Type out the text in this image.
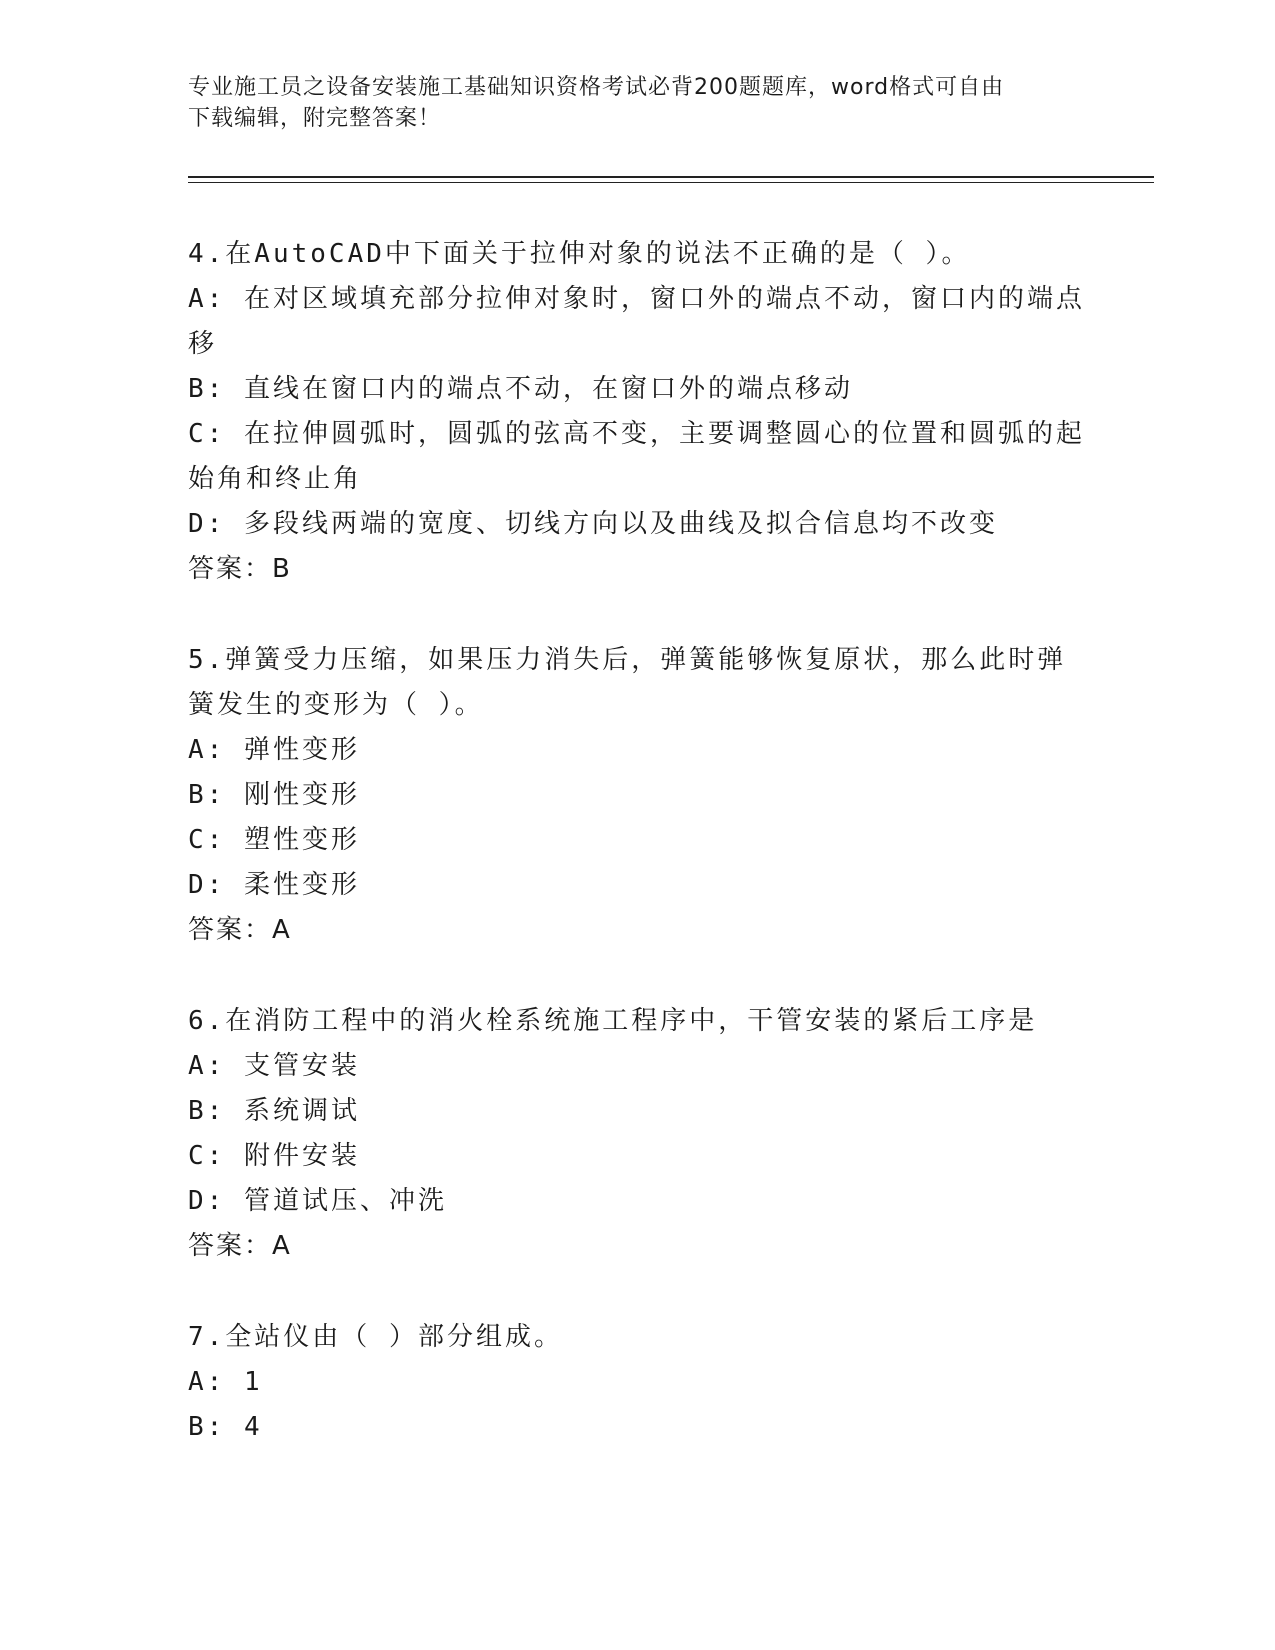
专业施工员之设备安装施工基础知识资格考试必背200题题库，word格式可自由
下载编辑，附完整答案！
4.在AutoCAD中下面关于拉伸对象的说法不正确的是（ ）。
A: 在对区域填充部分拉伸对象时，窗口外的端点不动，窗口内的端点
移
B: 直线在窗口内的端点不动，在窗口外的端点移动
C: 在拉伸圆弧时，圆弧的弦高不变，主要调整圆心的位置和圆弧的起
始角和终止角
D: 多段线两端的宽度、切线方向以及曲线及拟合信息均不改变
答案：B
5.弹簧受力压缩，如果压力消失后，弹簧能够恢复原状，那么此时弹
簧发生的变形为（ ）。
A: 弹性变形
B: 刚性变形
C: 塑性变形
D: 柔性变形
答案：A
6.在消防工程中的消火栓系统施工程序中，干管安装的紧后工序是
A: 支管安装
B: 系统调试
C: 附件安装
D: 管道试压、冲洗
答案：A
7.全站仪由（ ）部分组成。
A: 1
B: 4
